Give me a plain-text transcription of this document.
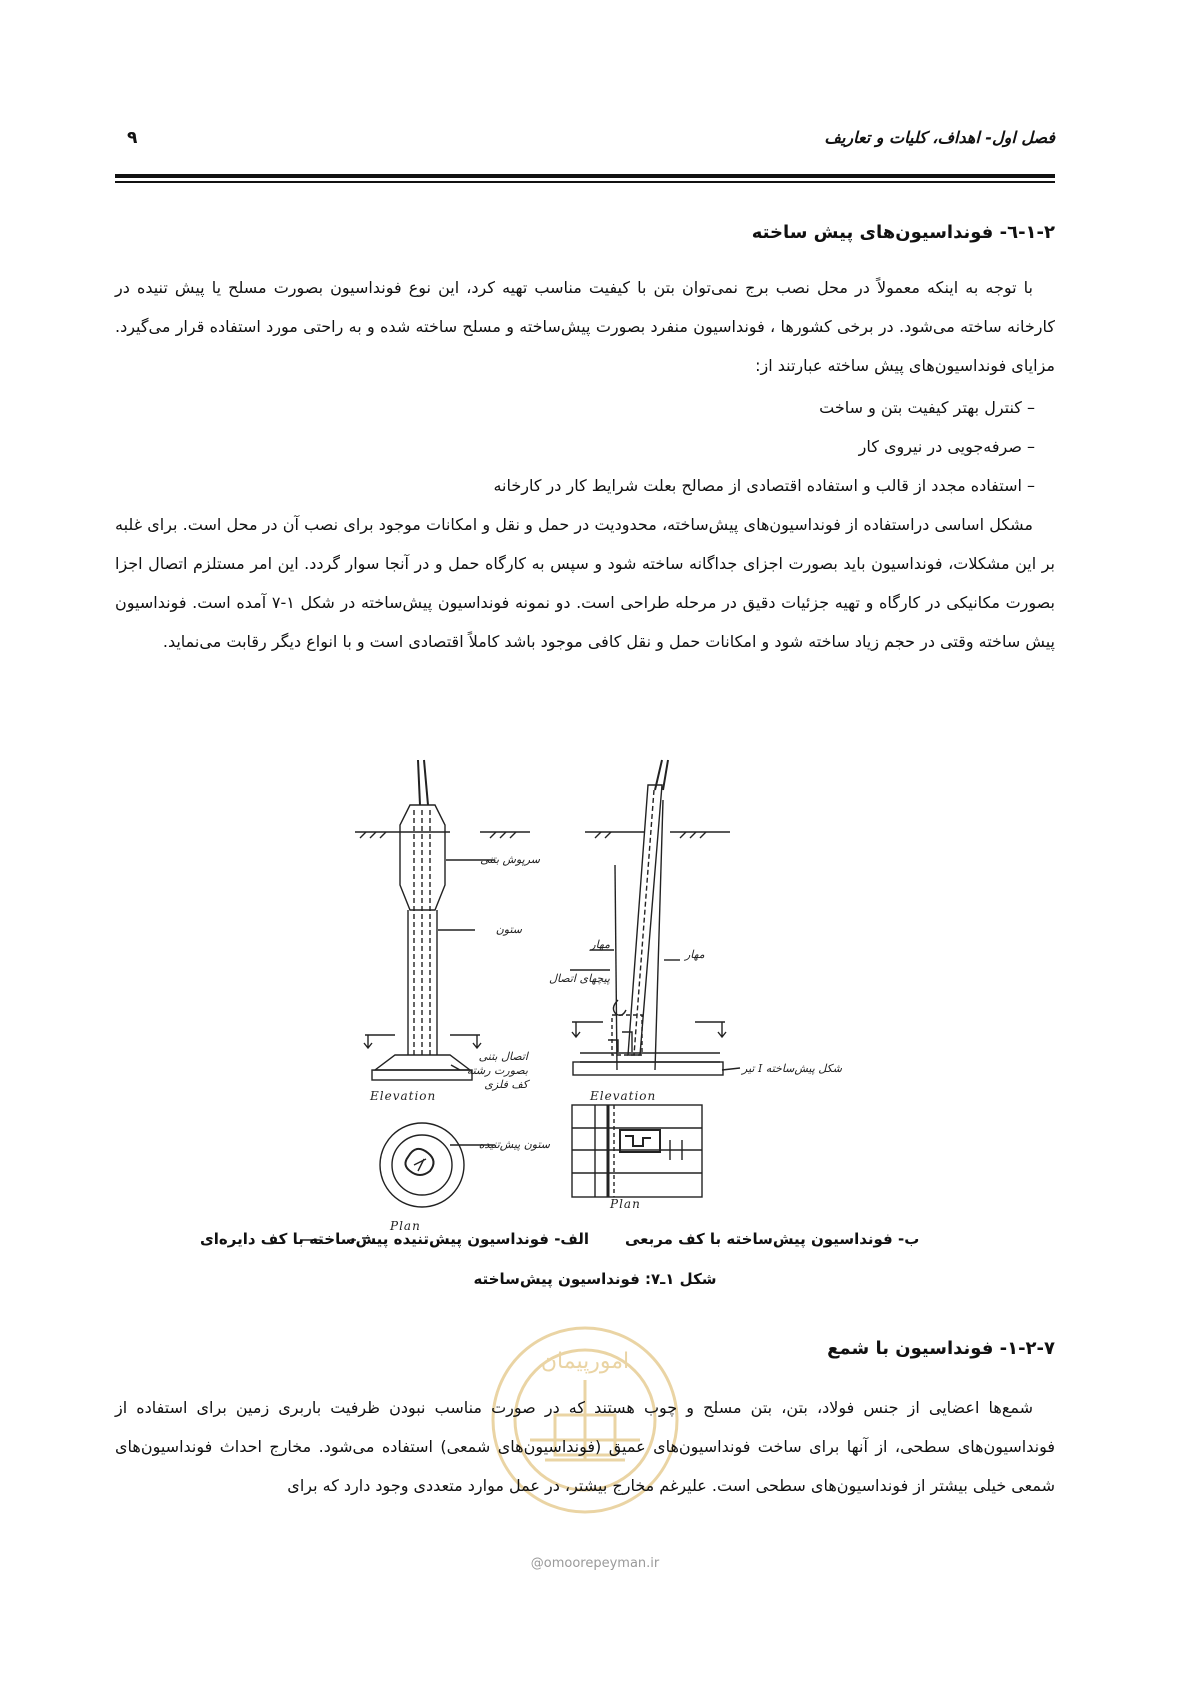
فصل اول- اهداف، کلیات و تعاریف
۹
۱-۲-٦- فونداسیون‌های پیش ساخته

با توجه به اینکه معمولاً در محل نصب برج نمی‌توان بتن با کیفیت مناسب تهیه کرد، این نوع فونداسیون بصورت مسلح یا پیش تنیده در کارخانه ساخته می‌شود. در برخی کشورها ، فونداسیون منفرد بصورت پیش‌ساخته و مسلح ساخته شده و به راحتی مورد استفاده قرار می‌گیرد. مزایای فونداسیون‌های پیش ساخته عبارتند از:

– کنترل بهتر کیفیت بتن و ساخت
– صرفه‌جویی در نیروی کار
– استفاده مجدد از قالب و استفاده اقتصادی از مصالح بعلت شرایط کار در کارخانه

مشکل اساسی دراستفاده از فونداسیون‌های پیش‌ساخته، محدودیت در حمل و نقل و امکانات موجود برای نصب آن در محل است. برای غلبه بر این مشکلات، فونداسیون باید بصورت اجزای جداگانه ساخته شود و سپس به کارگاه حمل و در آنجا سوار گردد. این امر مستلزم اتصال اجزا بصورت مکانیکی در کارگاه و تهیه جزئیات دقیق در مرحله طراحی است. دو نمونه فونداسیون پیش‌ساخته در شکل ۱-۷ آمده است. فونداسیون پیش ساخته وقتی در حجم زیاد ساخته شود و امکانات حمل و نقل کافی موجود باشد کاملاً اقتصادی است و با انواع دیگر رقابت می‌نماید.

سرپوش بتنی
ستون
اتصال بتنی
بصورت رشته
کف فلزی
Elevation
ستون پیش‌تنیده
Plan
مهار
مهار
پیچهای اتصال
تیر I شکل پیش‌ساخته
Elevation
Plan
ب- فونداسیون پیش‌ساخته با کف مربعی
الف- فونداسیون پیش‌تنیده پیش‌ساخته با کف دایره‌ای
شکل ۱ـ۷: فونداسیون پیش‌ساخته
۱-۲-۷- فونداسیون با شمع
امورپیمان

شمع‌ها اعضایی از جنس فولاد، بتن، بتن مسلح و چوب هستند که در صورت مناسب نبودن ظرفیت باربری زمین برای استفاده از فونداسیون‌های سطحی، از آنها برای ساخت فونداسیون‌های عمیق (فونداسیون‌های شمعی) استفاده می‌شود. مخارج احداث فونداسیون‌های شمعی خیلی بیشتر از فونداسیون‌های سطحی است. علیرغم مخارج بیشتر، در عمل موارد متعددی وجود دارد که برای

@omoorepeyman.ir
